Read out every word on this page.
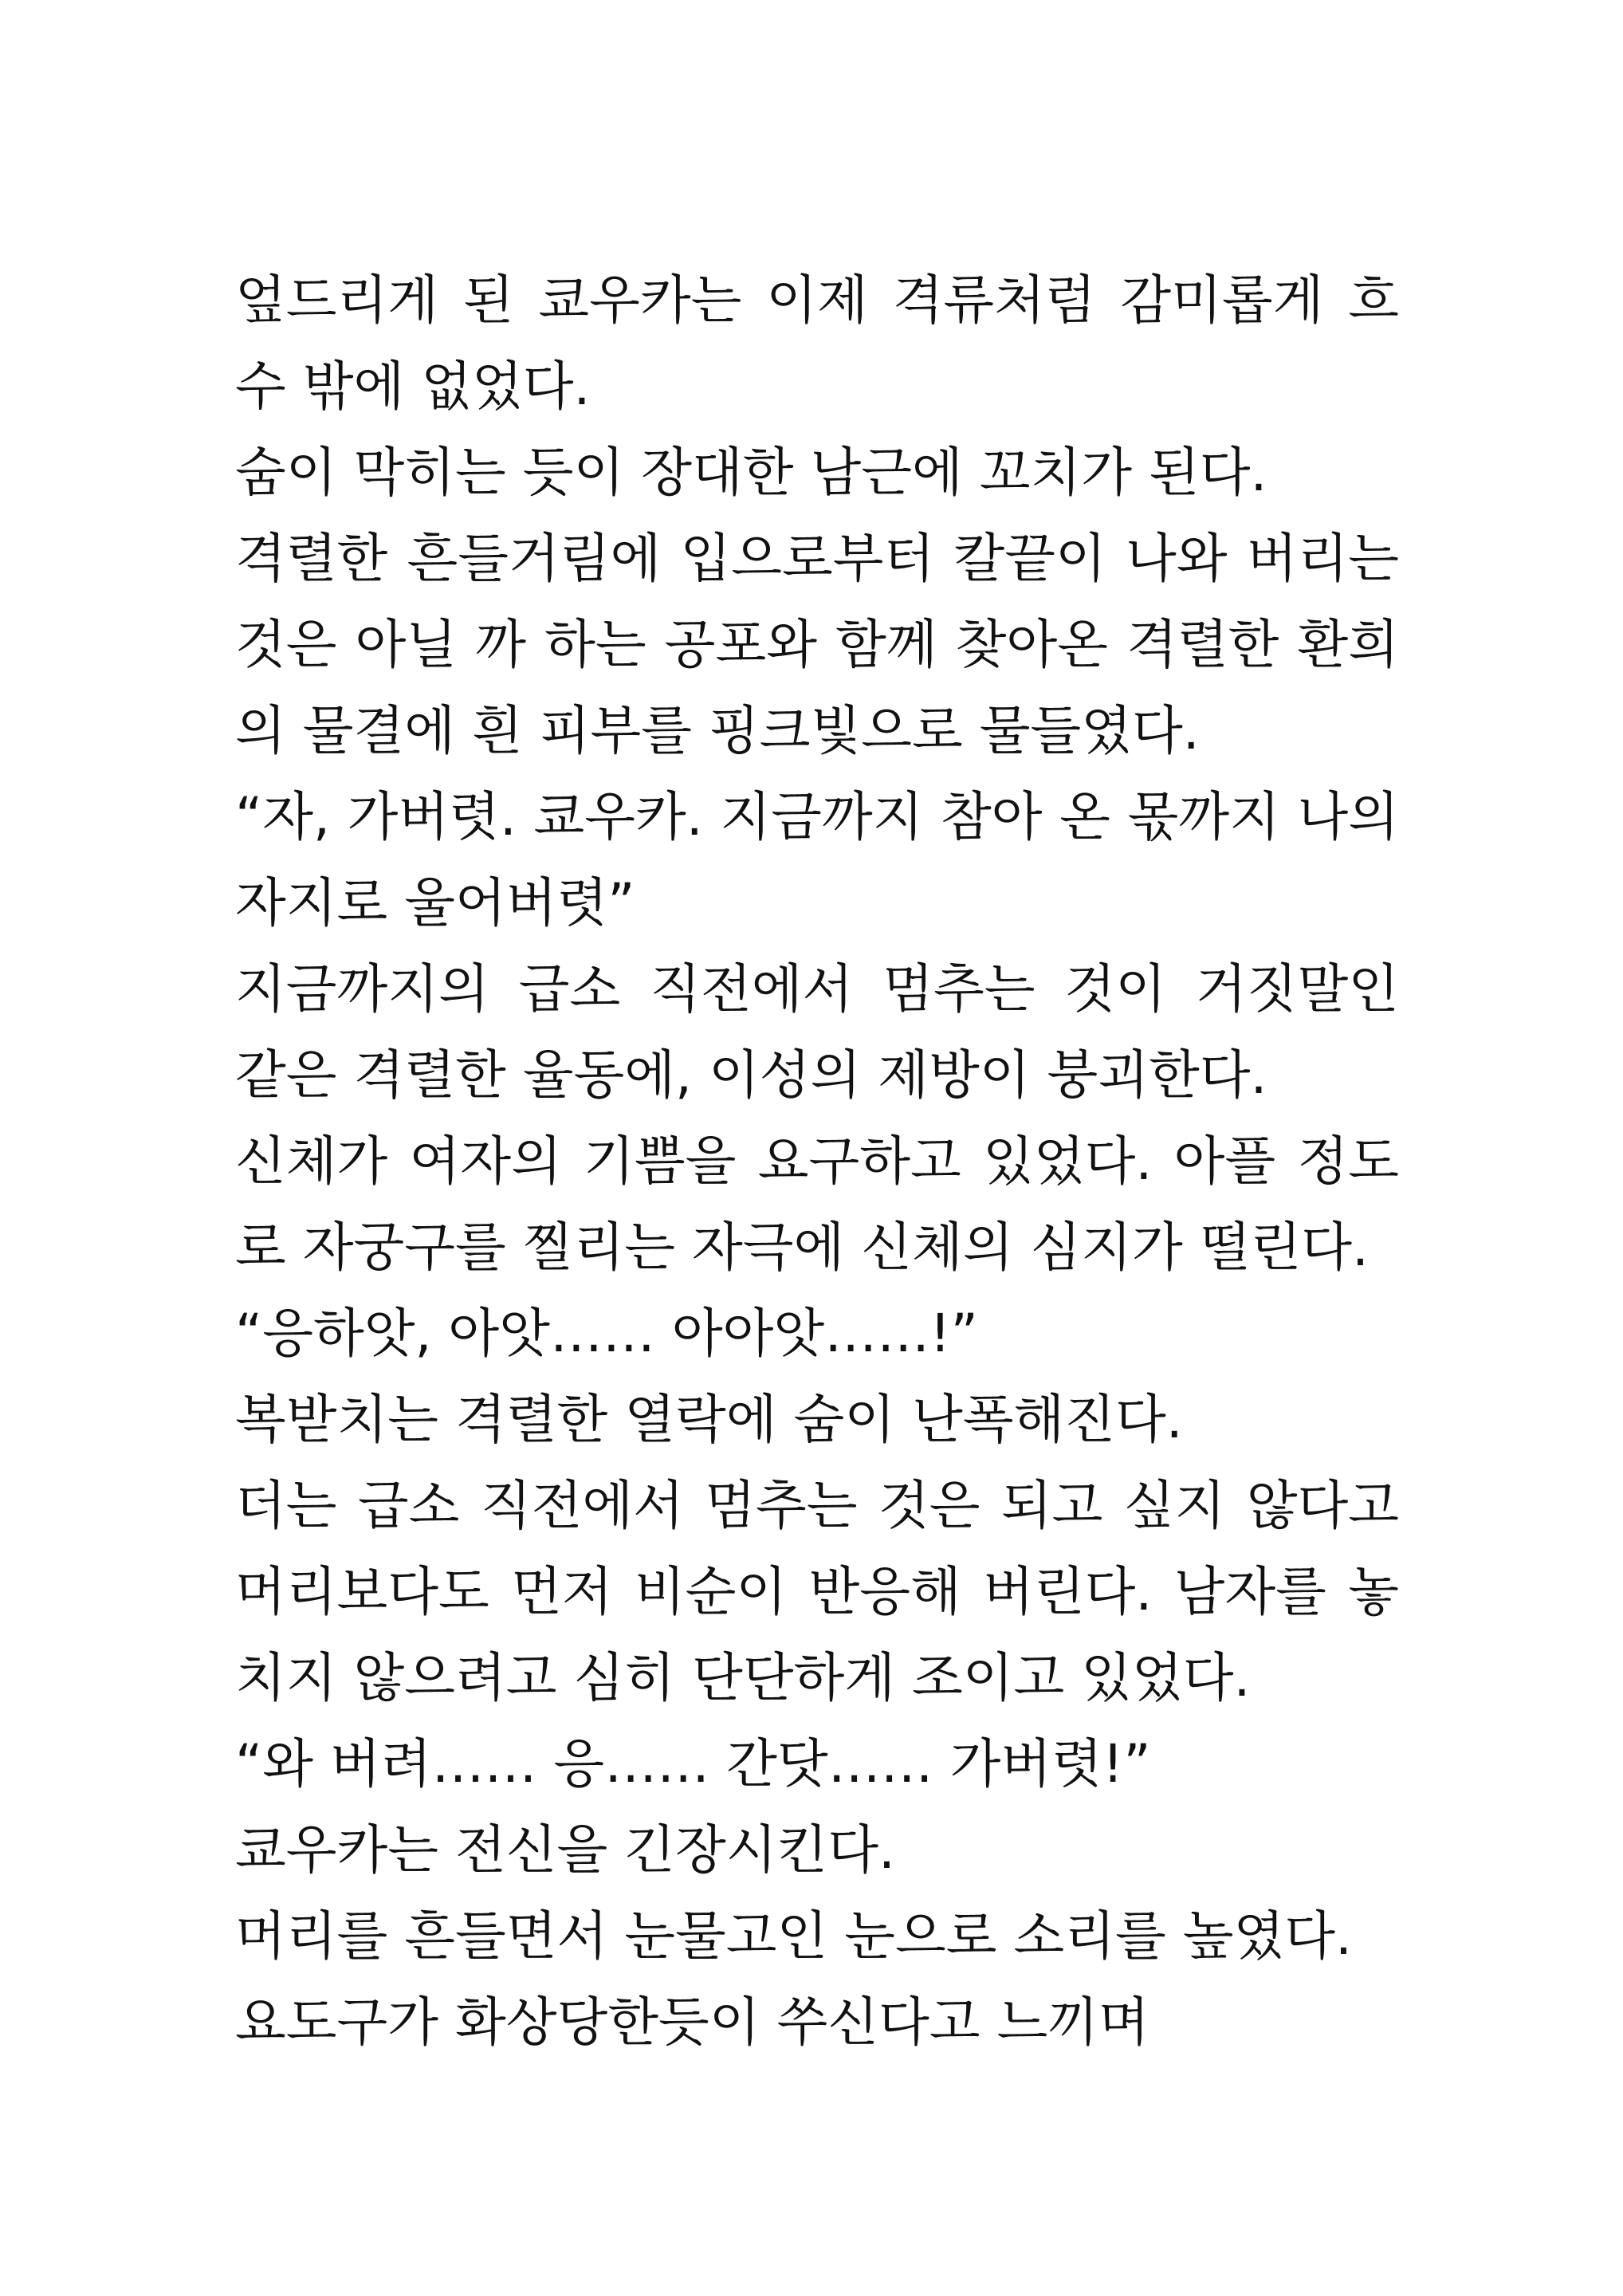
엎드리게 된 쿄우카는 이제 격류처럼 감미롭게 흐
수 밖에 없었다.
숨이 막히는 듯이 장대한 남근에 꼬치가 된다.
격렬한 흔들거림에 입으로부터 칼끝이 나와 버리는
것은 아닐 까 하는 공포와 함께 찾아온 격렬한 환희
의 물결에 흰 피부를 핑크빛으로 물들였다.
“자, 가버렷. 쿄우카. 지금까지 참아 온 몫까지 나의
자지로 울어버렷”
지금까지의 급소 직전에서 멈추는 것이 거짓말인
같은 격렬한 율동에, 이성의 제방이 붕괴한다.
신체가 여자의 기쁨을 요구하고 있었다. 아플 정도
로 자궁구를 찔리는 자극에 신체의 심지가 떨린다.
“응하앗, 아앗…… 아아앗……!”
복받치는 격렬한 열락에 숨이 난폭해진다.
더는 급소 직전에서 멈추는 것은 되고 싶지 않다고
머리보다도 먼저 비순이 반응해 버린다. 남자를 놓
치지 않으려고 심히 단단하게 조이고 있었다.
“와 버려…… 응…… 간닷…… 가버렷!”
쿄우카는 전신을 긴장시킨다.
머리를 흔들면서 눈물고인 눈으로 소리를 높였다.
요도구가 화상당한듯이 쑤신다고 느끼며
